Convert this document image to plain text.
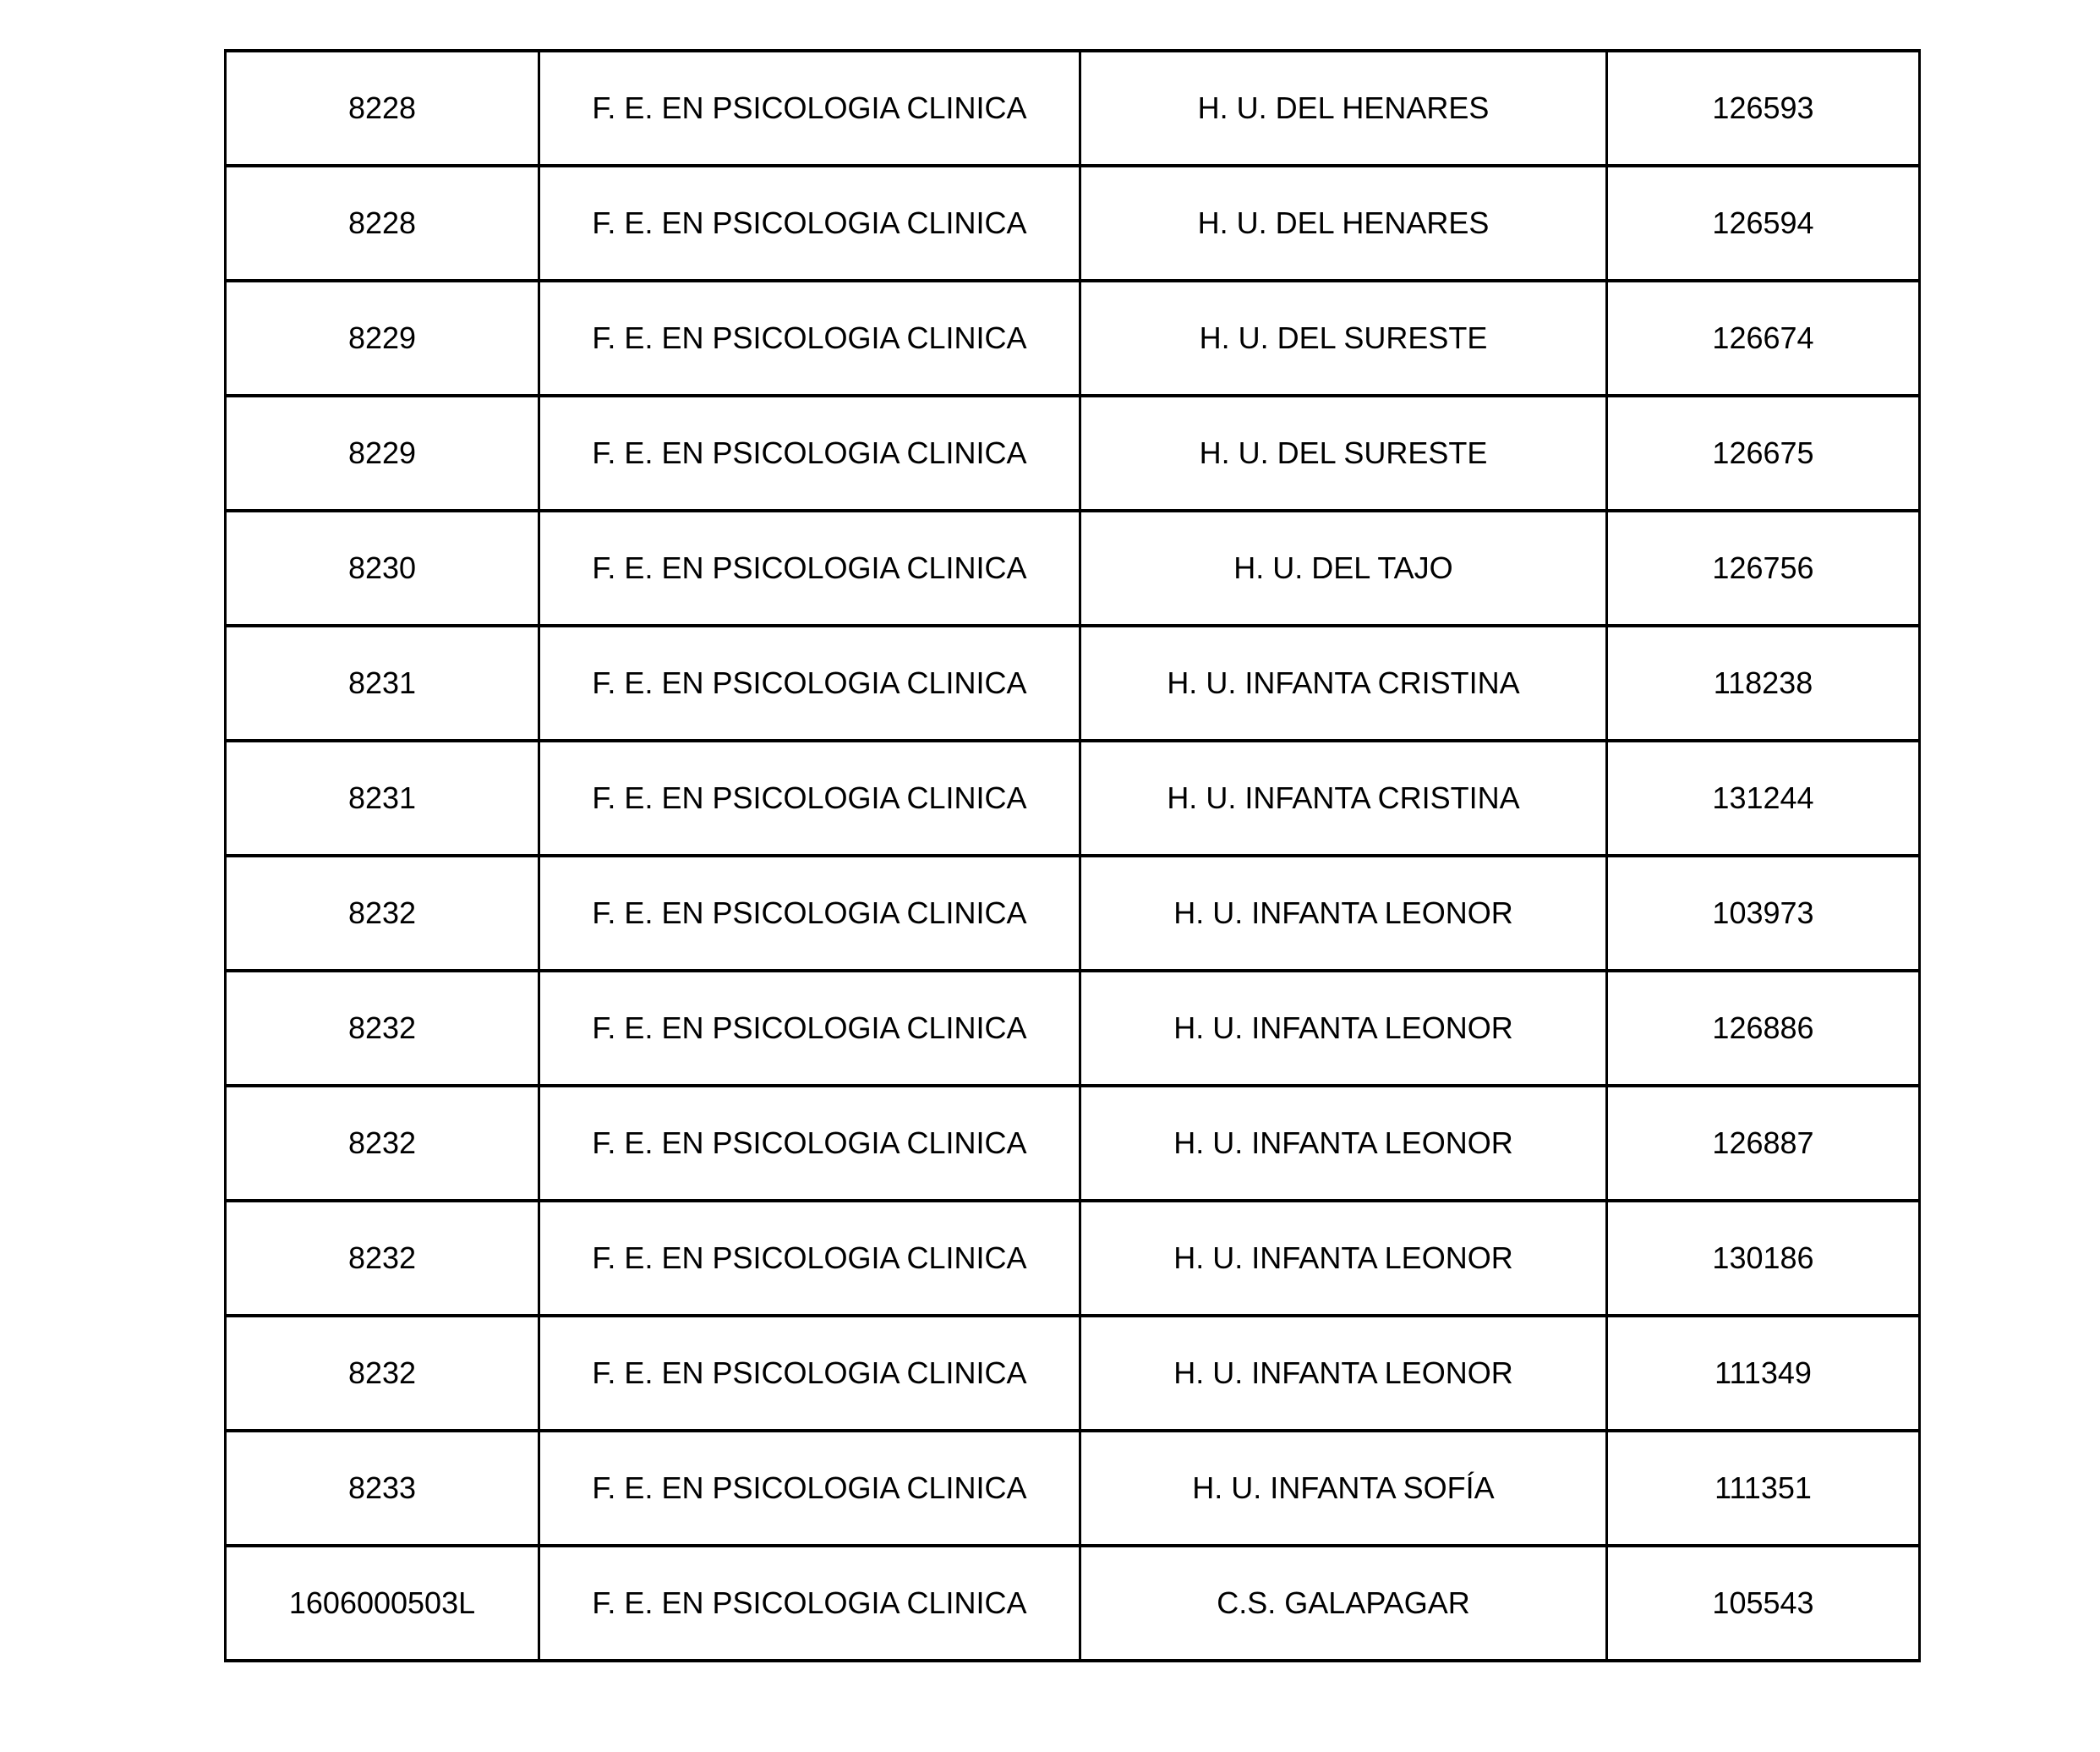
8228	F. E. EN PSICOLOGIA CLINICA	H. U. DEL HENARES	126593
8228	F. E. EN PSICOLOGIA CLINICA	H. U. DEL HENARES	126594
8229	F. E. EN PSICOLOGIA CLINICA	H. U. DEL SURESTE	126674
8229	F. E. EN PSICOLOGIA CLINICA	H. U. DEL SURESTE	126675
8230	F. E. EN PSICOLOGIA CLINICA	H. U. DEL TAJO	126756
8231	F. E. EN PSICOLOGIA CLINICA	H. U. INFANTA CRISTINA	118238
8231	F. E. EN PSICOLOGIA CLINICA	H. U. INFANTA CRISTINA	131244
8232	F. E. EN PSICOLOGIA CLINICA	H. U. INFANTA LEONOR	103973
8232	F. E. EN PSICOLOGIA CLINICA	H. U. INFANTA LEONOR	126886
8232	F. E. EN PSICOLOGIA CLINICA	H. U. INFANTA LEONOR	126887
8232	F. E. EN PSICOLOGIA CLINICA	H. U. INFANTA LEONOR	130186
8232	F. E. EN PSICOLOGIA CLINICA	H. U. INFANTA LEONOR	111349
8233	F. E. EN PSICOLOGIA CLINICA	H. U. INFANTA SOFÍA	111351
1606000503L	F. E. EN PSICOLOGIA CLINICA	C.S. GALAPAGAR	105543
